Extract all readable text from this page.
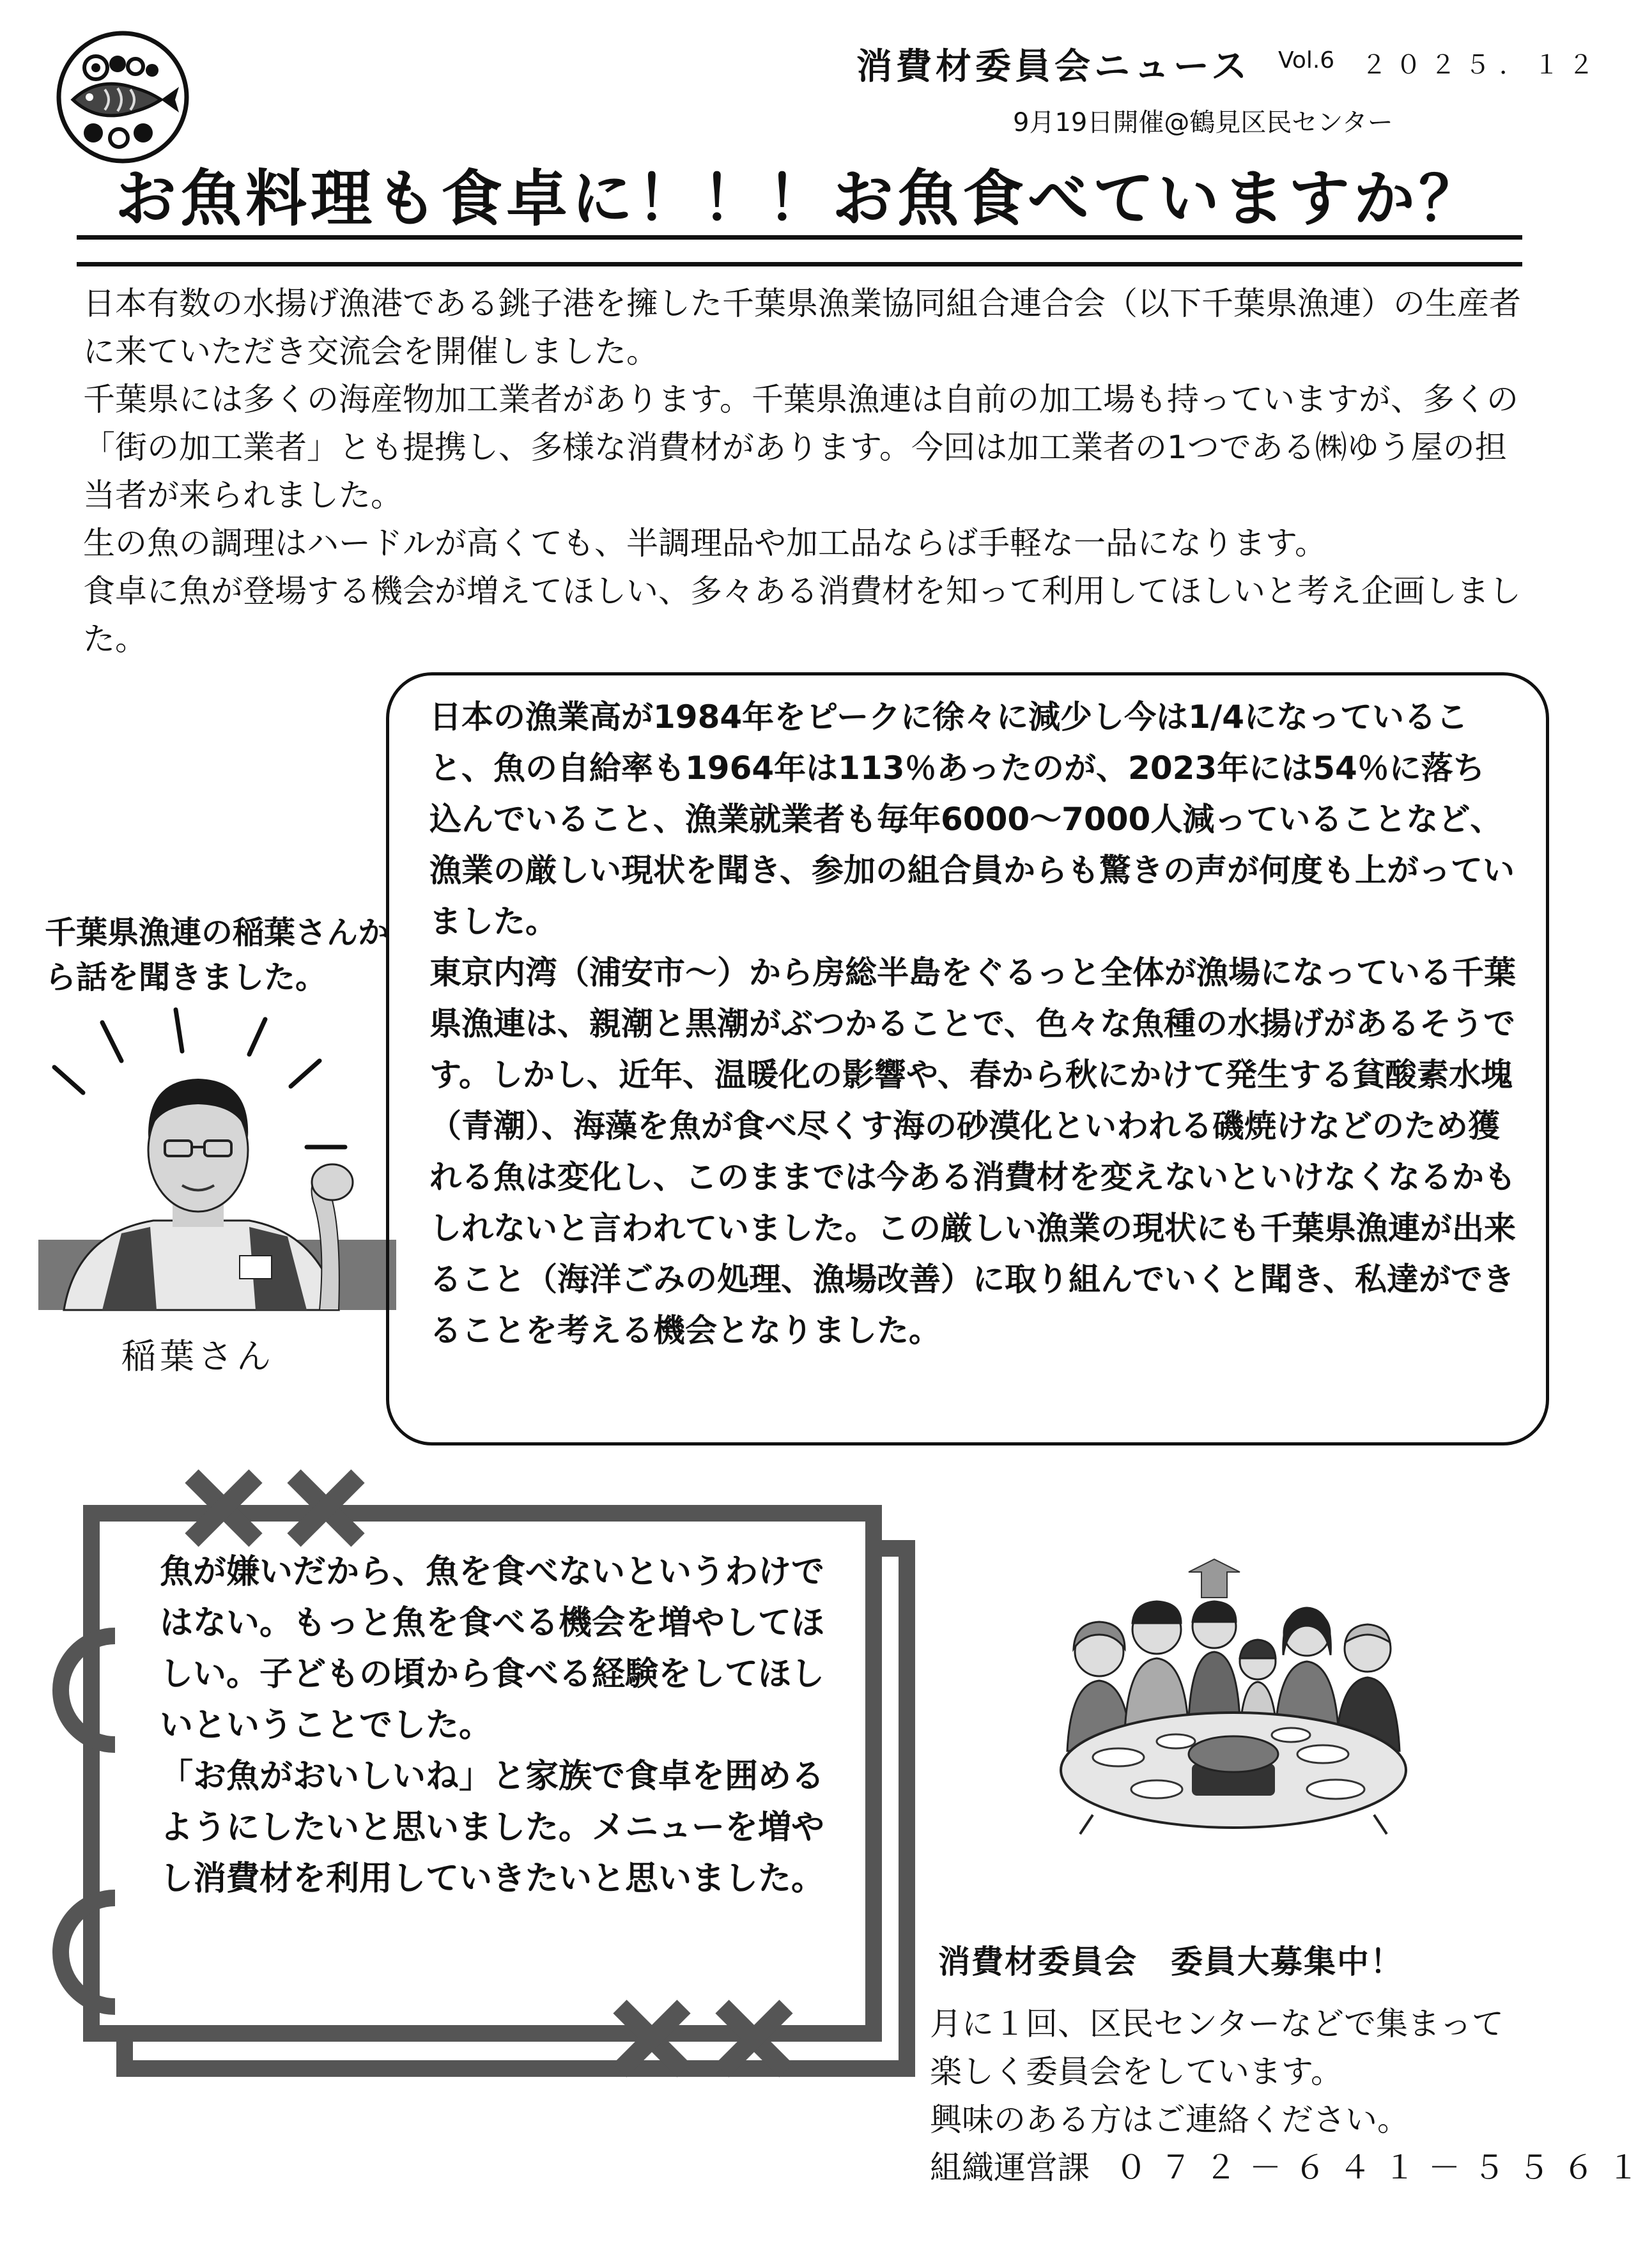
消費材委員会ニュース Vol.6 ２０２５．１２
9月19日開催@鶴見区民センター
お魚料理も食卓に！！！お魚食べていますか？

日本有数の水揚げ漁港である銚子港を擁した千葉県漁業協同組合連合会（以下千葉県漁連）の生産者に来ていただき交流会を開催しました。

千葉県には多くの海産物加工業者があります。千葉県漁連は自前の加工場も持っていますが、多くの「街の加工業者」とも提携し、多様な消費材があります。今回は加工業者の1つである㈱ゆう屋の担当者が来られました。

生の魚の調理はハードルが高くても、半調理品や加工品ならば手軽な一品になります。

食卓に魚が登場する機会が増えてほしい、多々ある消費材を知って利用してほしいと考え企画しました。

千葉県漁連の稲葉さんから話を聞きました。
稲葉さん

日本の漁業高が1984年をピークに徐々に減少し今は1/4になっていること、魚の自給率も1964年は113％あったのが、2023年には54％に落ち込んでいること、漁業就業者も毎年6000～7000人減っていることなど、漁業の厳しい現状を聞き、参加の組合員からも驚きの声が何度も上がっていました。

東京内湾（浦安市～）から房総半島をぐるっと全体が漁場になっている千葉県漁連は、親潮と黒潮がぶつかることで、色々な魚種の水揚げがあるそうです。しかし、近年、温暖化の影響や、春から秋にかけて発生する貧酸素水塊（青潮）、海藻を魚が食べ尽くす海の砂漠化といわれる磯焼けなどのため獲れる魚は変化し、このままでは今ある消費材を変えないといけなくなるかもしれないと言われていました。この厳しい漁業の現状にも千葉県漁連が出来ること（海洋ごみの処理、漁場改善）に取り組んでいくと聞き、私達ができることを考える機会となりました。

魚が嫌いだから、魚を食べないというわけではない。もっと魚を食べる機会を増やしてほしい。子どもの頃から食べる経験をしてほしいということでした。

「お魚がおいしいね」と家族で食卓を囲めるようにしたいと思いました。メニューを増やし消費材を利用していきたいと思いました。

消費材委員会　委員大募集中！

月に１回、区民センターなどで集まって

楽しく委員会をしています。

興味のある方はご連絡ください。

組織運営課 ０７２－６４１－５５６１
